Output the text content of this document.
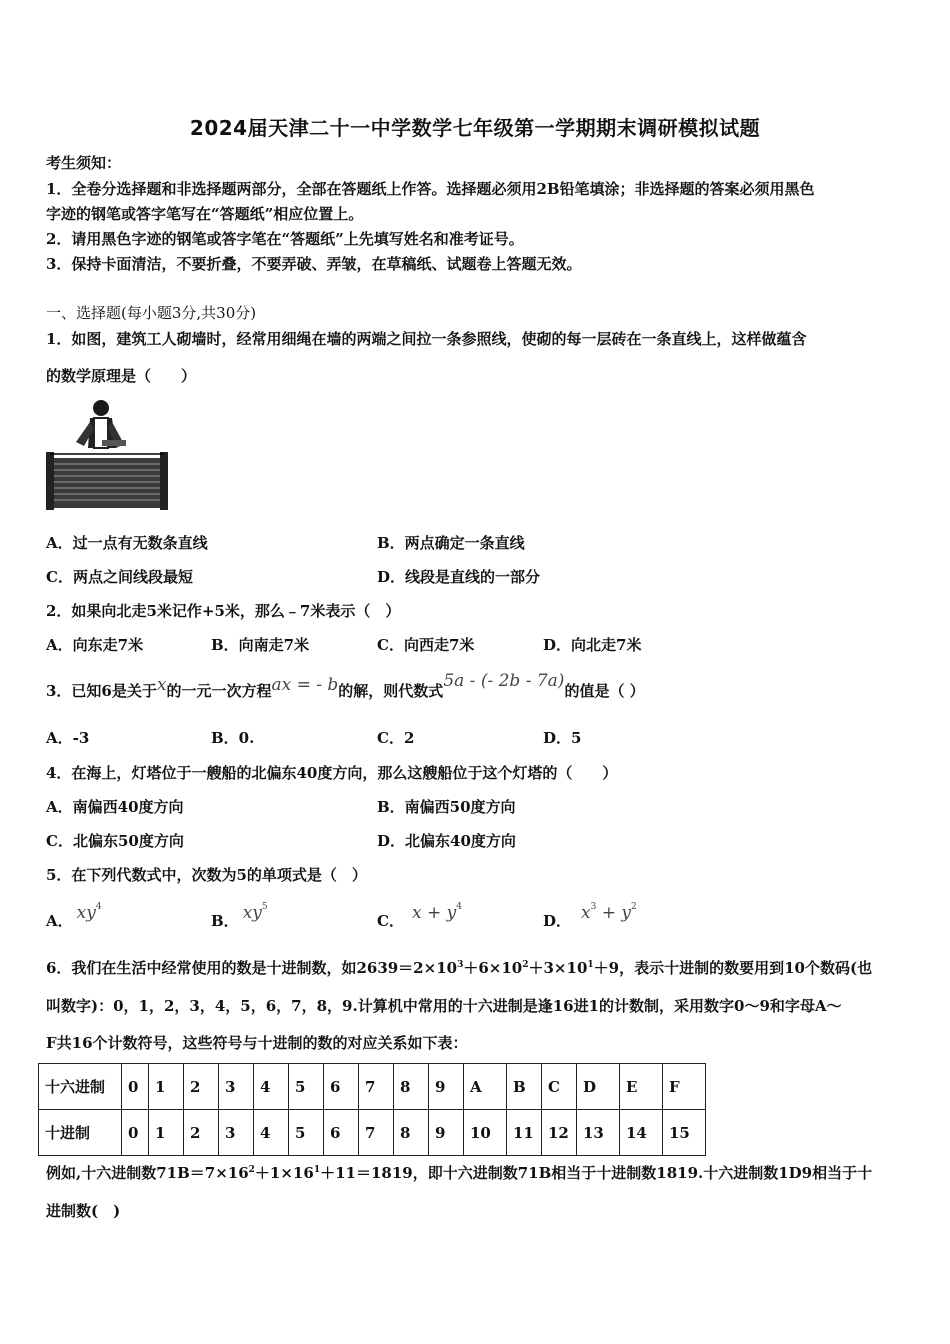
2024届天津二十一中学数学七年级第一学期期末调研模拟试题
考生须知：
1．全卷分选择题和非选择题两部分，全部在答题纸上作答。选择题必须用2B铅笔填涂；非选择题的答案必须用黑色
字迹的钢笔或答字笔写在“答题纸”相应位置上。
2．请用黑色字迹的钢笔或答字笔在“答题纸”上先填写姓名和准考证号。
3．保持卡面清洁，不要折叠，不要弄破、弄皱，在草稿纸、试题卷上答题无效。
一、选择题(每小题3分,共30分)
1．如图，建筑工人砌墙时，经常用细绳在墙的两端之间拉一条参照线，使砌的每一层砖在一条直线上，这样做蕴含
的数学原理是（　　）
A．过一点有无数条直线	B．两点确定一条直线
C．两点之间线段最短	D．线段是直线的一部分
2．如果向北走5米记作+5米，那么﹣7米表示（　）
A．向东走7米	B．向南走7米	C．向西走7米	D．向北走7米
3．已知6是关于x的一元一次方程ax = - b的解，则代数式5a - (- 2b - 7a)的值是（ ）
A．-3	B．0.	C．2	D．5
4．在海上，灯塔位于一艘船的北偏东40度方向，那么这艘船位于这个灯塔的（　　）
A．南偏西40度方向	B．南偏西50度方向
C．北偏东50度方向	D．北偏东40度方向
5．在下列代数式中，次数为5的单项式是（　）
A． $xy^4$
B． $xy^5$
C． $x + y^4$
D． $x^3 + y^2$
6．我们在生活中经常使用的数是十进制数，如$2639=2\times 10^3+6\times 10^2+3\times 10^1+9$，表示十进制的数要用到10个数码(也
叫数字)：0，1，2，3，4，5，6，7，8，9.计算机中常用的十六进制是逢16进1的计数制，采用数字0～9和字母A～
F共16个计数符号，这些符号与十进制的数的对应关系如下表：
十六进制	0	1	2	3	4	5	6	7	8	9	A	B	C	D	E	F
十进制	0	1	2	3	4	5	6	7	8	9	10	11	12	13	14	15
例如,十六进制数$71B=7\times 16^2+1\times 16^1+11=1819$，即十六进制数71B相当于十进制数1819.十六进制数1D9相当于十
进制数(　)
